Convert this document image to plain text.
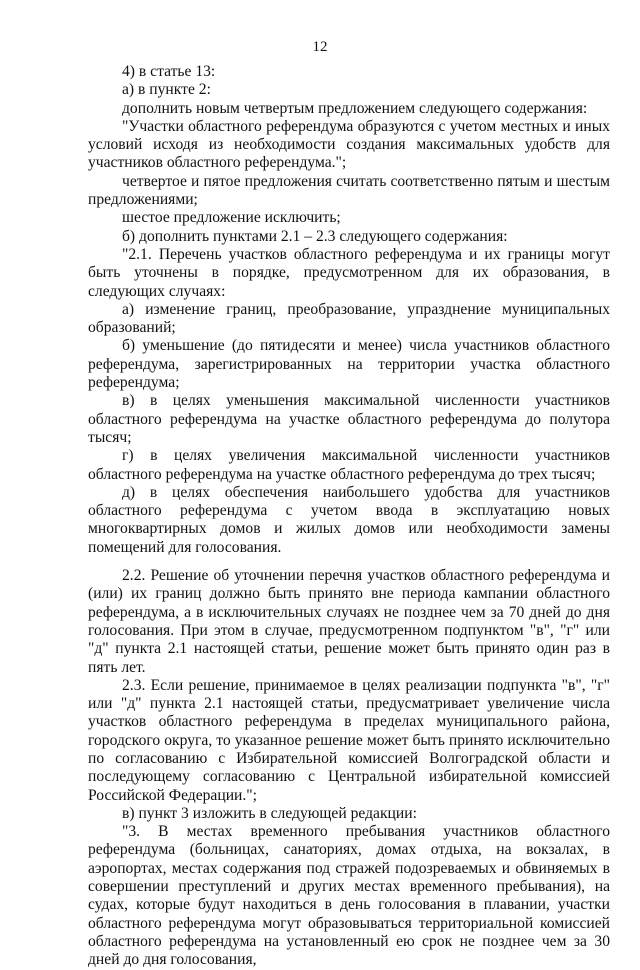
12

4) в статье 13:

а) в пункте 2:

дополнить новым четвертым предложением следующего содержания:

"Участки областного референдума образуются с учетом местных и иных условий исходя из необходимости создания максимальных удобств для участников областного референдума.";

четвертое и пятое предложения считать соответственно пятым и шестым предложениями;

шестое предложение исключить;

б) дополнить пунктами 2.1 – 2.3 следующего содержания:

"2.1. Перечень участков областного референдума и их границы могут быть уточнены в порядке, предусмотренном для их образования, в следующих случаях:

а) изменение границ, преобразование, упразднение муниципальных образований;

б) уменьшение (до пятидесяти и менее) числа участников областного референдума, зарегистрированных на территории участка областного референдума;

в) в целях уменьшения максимальной численности участников областного референдума на участке областного референдума до полутора тысяч;

г) в целях увеличения максимальной численности участников областного референдума на участке областного референдума до трех тысяч;

д) в целях обеспечения наибольшего удобства для участников областного референдума с учетом ввода в эксплуатацию новых многоквартирных домов и жилых домов или необходимости замены помещений для голосования.

2.2. Решение об уточнении перечня участков областного референдума и (или) их границ должно быть принято вне периода кампании областного референдума, а в исключительных случаях не позднее чем за 70 дней до дня голосования. При этом в случае, предусмотренном подпунктом "в", "г" или "д" пункта 2.1 настоящей статьи, решение может быть принято один раз в пять лет.

2.3. Если решение, принимаемое в целях реализации подпункта "в", "г" или "д" пункта 2.1 настоящей статьи, предусматривает увеличение числа участков областного референдума в пределах муниципального района, городского округа, то указанное решение может быть принято исключительно по согласованию с Избирательной комиссией Волгоградской области и последующему согласованию с Центральной избирательной комиссией Российской Федерации.";

в) пункт 3 изложить в следующей редакции:

"3. В местах временного пребывания участников областного референдума (больницах, санаториях, домах отдыха, на вокзалах, в аэропортах, местах содержания под стражей подозреваемых и обвиняемых в совершении преступлений и других местах временного пребывания), на судах, которые будут находиться в день голосования в плавании, участки областного референдума могут образовываться территориальной комиссией областного референдума на установленный ею срок не позднее чем за 30 дней до дня голосования,
